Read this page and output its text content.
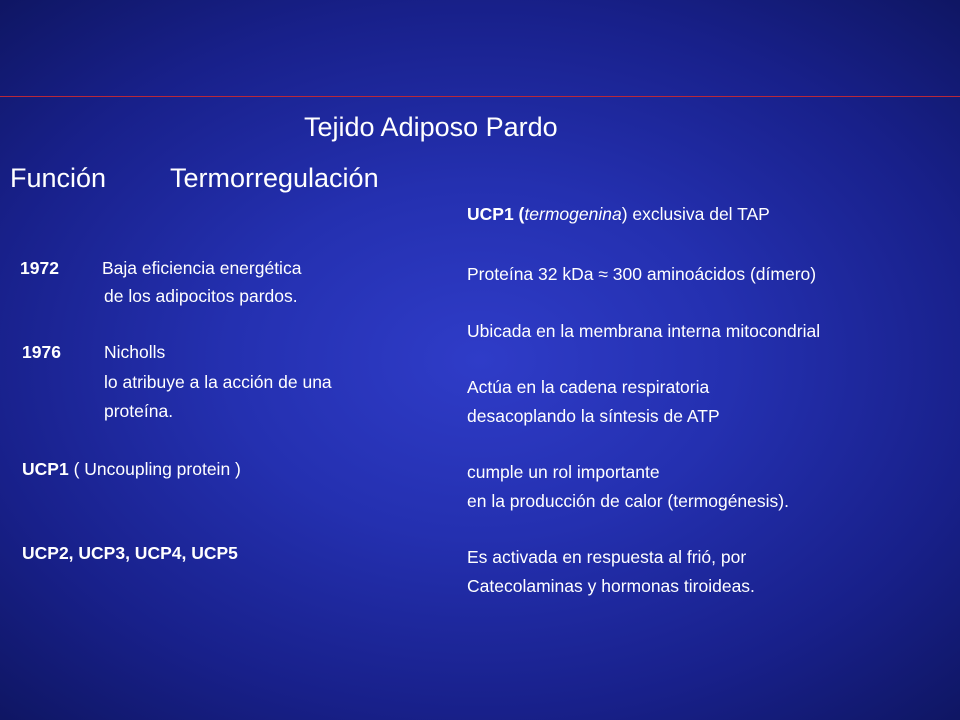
Tejido Adiposo Pardo
Función Termorregulación
1972 Baja eficiencia energética
de los adipocitos pardos.
1976 Nicholls
lo atribuye a la acción de una
proteína.
UCP1 ( Uncoupling protein )
UCP2, UCP3, UCP4, UCP5
UCP1 (termogenina) exclusiva del TAP
Proteína 32 kDa ≈ 300 aminoácidos (dímero)
Ubicada en la membrana interna mitocondrial
Actúa en la cadena respiratoria
desacoplando la síntesis de ATP
cumple un rol importante
en la producción de calor (termogénesis).
Es activada en respuesta al frió, por
Catecolaminas y hormonas tiroideas.
